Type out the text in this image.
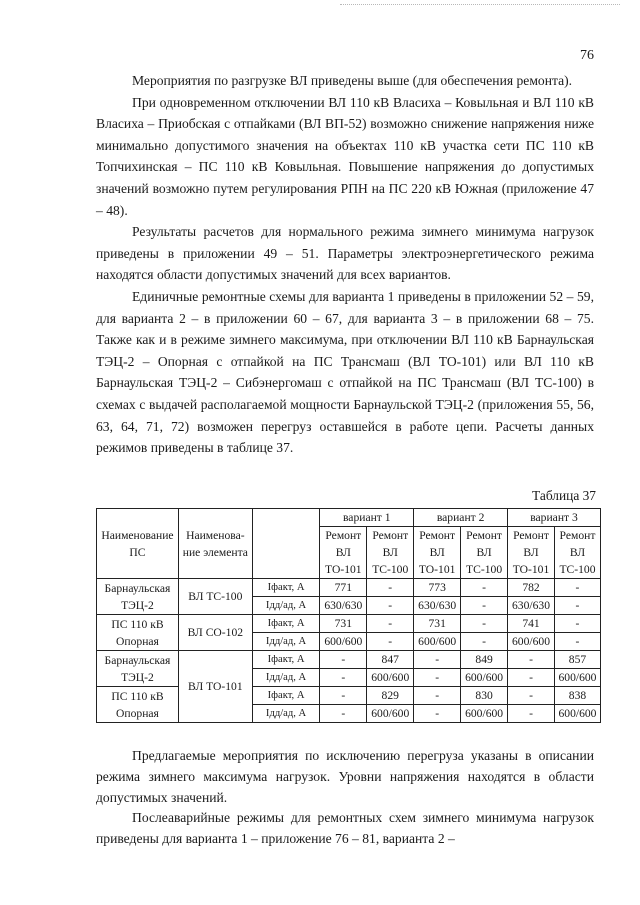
76

Мероприятия по разгрузке ВЛ приведены выше (для обеспечения ремонта).

При одновременном отключении ВЛ 110 кВ Власиха – Ковыльная и ВЛ 110 кВ Власиха – Приобская с отпайками (ВЛ ВП-52) возможно снижение напряжения ниже минимально допустимого значения на объектах 110 кВ участка сети ПС 110 кВ Топчихинская – ПС 110 кВ Ковыльная. Повышение напряжения до допустимых значений возможно путем регулирования РПН на ПС 220 кВ Южная (приложение 47 – 48).

Результаты расчетов для нормального режима зимнего минимума нагрузок приведены в приложении 49 – 51. Параметры электроэнергетического режима находятся области допустимых значений для всех вариантов.

Единичные ремонтные схемы для варианта 1 приведены в приложении 52 – 59, для варианта 2 – в приложении 60 – 67, для варианта 3 – в приложении 68 – 75. Также как и в режиме зимнего максимума, при отключении ВЛ 110 кВ Барнаульская ТЭЦ-2 – Опорная с отпайкой на ПС Трансмаш (ВЛ ТО-101) или ВЛ 110 кВ Барнаульская ТЭЦ-2 – Сибэнергомаш с отпайкой на ПС Трансмаш (ВЛ ТС-100) в схемах с выдачей располагаемой мощности Барнаульской ТЭЦ-2 (приложения 55, 56, 63, 64, 71, 72) возможен перегруз оставшейся в работе цепи. Расчеты данных режимов приведены в таблице 37.

Таблица 37
Наименование ПС	Наименова-ние элемента		вариант 1		вариант 2		вариант 3	
			Ремонт ВЛ ТО-101	Ремонт ВЛ ТС-100	Ремонт ВЛ ТО-101	Ремонт ВЛ ТС-100	Ремонт ВЛ ТО-101	Ремонт ВЛ ТС-100
Барнаульская ТЭЦ-2	ВЛ ТС-100	Iфакт, А	771	-	773	-	782	-
		Iдд/ад, А	630/630	-	630/630	-	630/630	-
ПС 110 кВ Опорная	ВЛ СО-102	Iфакт, А	731	-	731	-	741	-
		Iдд/ад, А	600/600	-	600/600	-	600/600	-
Барнаульская ТЭЦ-2	ВЛ ТО-101	Iфакт, А	-	847	-	849	-	857
		Iдд/ад, А	-	600/600	-	600/600	-	600/600
ПС 110 кВ Опорная		Iфакт, А	-	829	-	830	-	838
		Iдд/ад, А	-	600/600	-	600/600	-	600/600

Предлагаемые мероприятия по исключению перегруза указаны в описании режима зимнего максимума нагрузок. Уровни напряжения находятся в области допустимых значений.

Послеаварийные режимы для ремонтных схем зимнего минимума нагрузок приведены для варианта 1 – приложение 76 – 81, варианта 2 –
